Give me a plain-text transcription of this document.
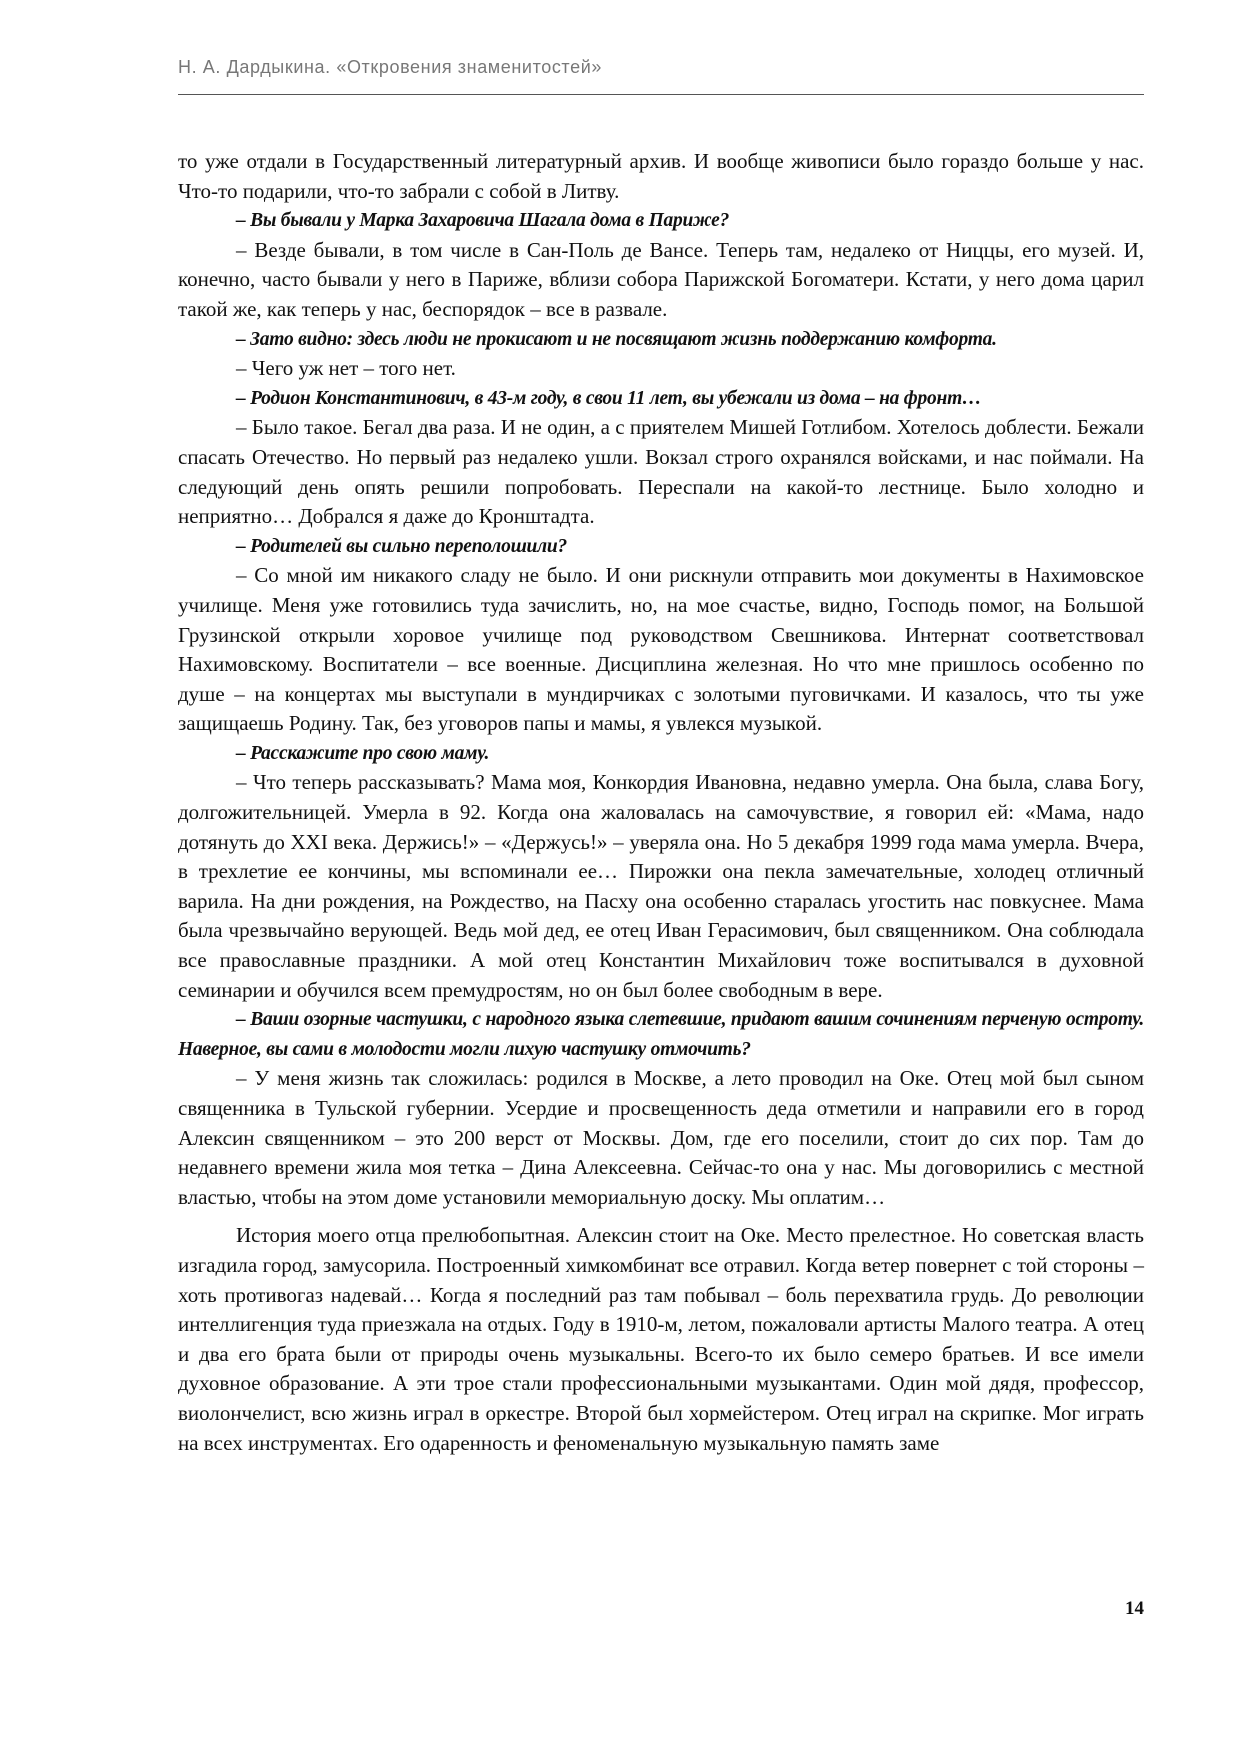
Н. А. Дардыкина. «Откровения знаменитостей»

то уже отдали в Государственный литературный архив. И вообще живописи было гораздо больше у нас. Что-то подарили, что-то забрали с собой в Литву.

– Вы бывали у Марка Захаровича Шагала дома в Париже?

– Везде бывали, в том числе в Сан-Поль де Вансе. Теперь там, недалеко от Ниццы, его музей. И, конечно, часто бывали у него в Париже, вблизи собора Парижской Богоматери. Кстати, у него дома царил такой же, как теперь у нас, беспорядок – все в развале.

– Зато видно: здесь люди не прокисают и не посвящают жизнь поддержанию комфорта.

– Чего уж нет – того нет.

– Родион Константинович, в 43-м году, в свои 11 лет, вы убежали из дома – на фронт…

– Было такое. Бегал два раза. И не один, а с приятелем Мишей Готлибом. Хотелось доблести. Бежали спасать Отечество. Но первый раз недалеко ушли. Вокзал строго охранялся войсками, и нас поймали. На следующий день опять решили попробовать. Переспали на какой-то лестнице. Было холодно и неприятно… Добрался я даже до Кронштадта.

– Родителей вы сильно переполошили?

– Со мной им никакого сладу не было. И они рискнули отправить мои документы в Нахимовское училище. Меня уже готовились туда зачислить, но, на мое счастье, видно, Господь помог, на Большой Грузинской открыли хоровое училище под руководством Свешникова. Интернат соответствовал Нахимовскому. Воспитатели – все военные. Дисциплина железная. Но что мне пришлось особенно по душе – на концертах мы выступали в мундирчиках с золотыми пуговичками. И казалось, что ты уже защищаешь Родину. Так, без уговоров папы и мамы, я увлекся музыкой.

– Расскажите про свою маму.

– Что теперь рассказывать? Мама моя, Конкордия Ивановна, недавно умерла. Она была, слава Богу, долгожительницей. Умерла в 92. Когда она жаловалась на самочувствие, я говорил ей: «Мама, надо дотянуть до XXI века. Держись!» – «Держусь!» – уверяла она. Но 5 декабря 1999 года мама умерла. Вчера, в трехлетие ее кончины, мы вспоминали ее… Пирожки она пекла замечательные, холодец отличный варила. На дни рождения, на Рождество, на Пасху она особенно старалась угостить нас повкуснее. Мама была чрезвычайно верующей. Ведь мой дед, ее отец Иван Герасимович, был священником. Она соблюдала все православные праздники. А мой отец Константин Михайлович тоже воспитывался в духовной семинарии и обучился всем премудростям, но он был более свободным в вере.

– Ваши озорные частушки, с народного языка слетевшие, придают вашим сочинениям перченую остроту. Наверное, вы сами в молодости могли лихую частушку отмочить?

– У меня жизнь так сложилась: родился в Москве, а лето проводил на Оке. Отец мой был сыном священника в Тульской губернии. Усердие и просвещенность деда отметили и направили его в город Алексин священником – это 200 верст от Москвы. Дом, где его поселили, стоит до сих пор. Там до недавнего времени жила моя тетка – Дина Алексеевна. Сейчас-то она у нас. Мы договорились с местной властью, чтобы на этом доме установили мемориальную доску. Мы оплатим…

История моего отца прелюбопытная. Алексин стоит на Оке. Место прелестное. Но советская власть изгадила город, замусорила. Построенный химкомбинат все отравил. Когда ветер повернет с той стороны – хоть противогаз надевай… Когда я последний раз там побывал – боль перехватила грудь. До революции интеллигенция туда приезжала на отдых. Году в 1910-м, летом, пожаловали артисты Малого театра. А отец и два его брата были от природы очень музыкальны. Всего-то их было семеро братьев. И все имели духовное образование. А эти трое стали профессиональными музыкантами. Один мой дядя, профессор, виолончелист, всю жизнь играл в оркестре. Второй был хормейстером. Отец играл на скрипке. Мог играть на всех инструментах. Его одаренность и феноменальную музыкальную память заме

14
